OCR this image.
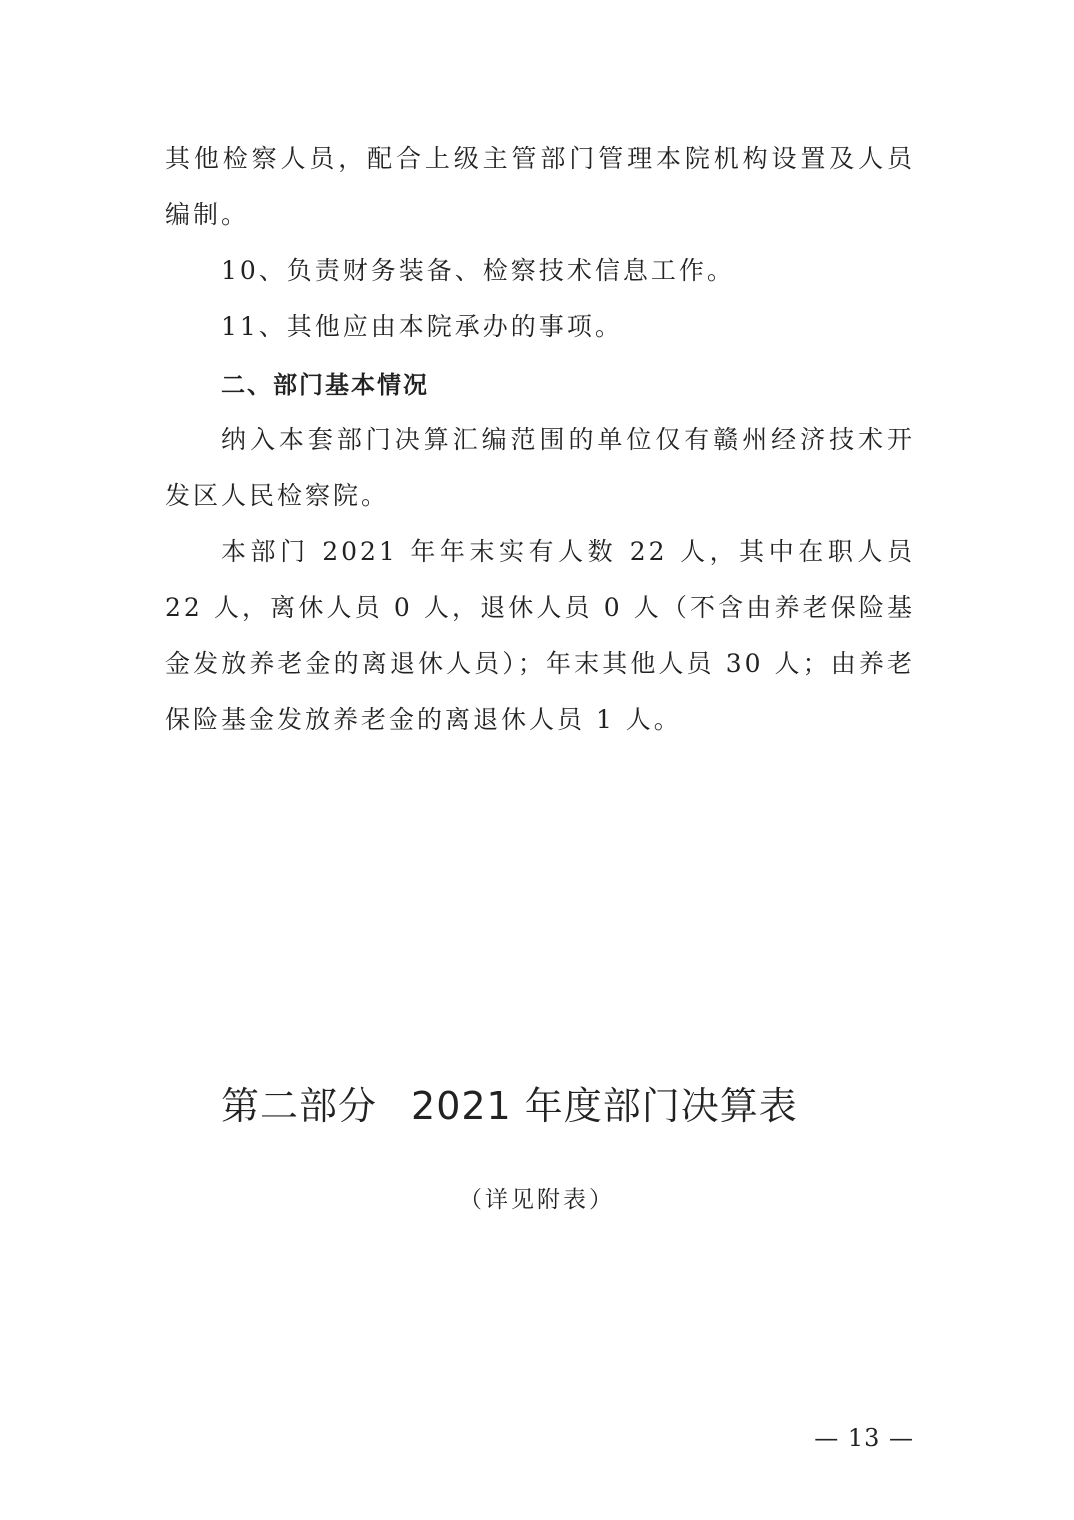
其他检察人员，配合上级主管部门管理本院机构设置及人员编制。

10、负责财务装备、检察技术信息工作。

11、其他应由本院承办的事项。

二、部门基本情况

纳入本套部门决算汇编范围的单位仅有赣州经济技术开发区人民检察院。

本部门 2021 年年末实有人数 22 人，其中在职人员 22 人，离休人员 0 人，退休人员 0 人（不含由养老保险基金发放养老金的离退休人员）；年末其他人员 30 人；由养老保险基金发放养老金的离退休人员 1 人。

第二部分 2021 年度部门决算表

（详见附表）

— 13 —
